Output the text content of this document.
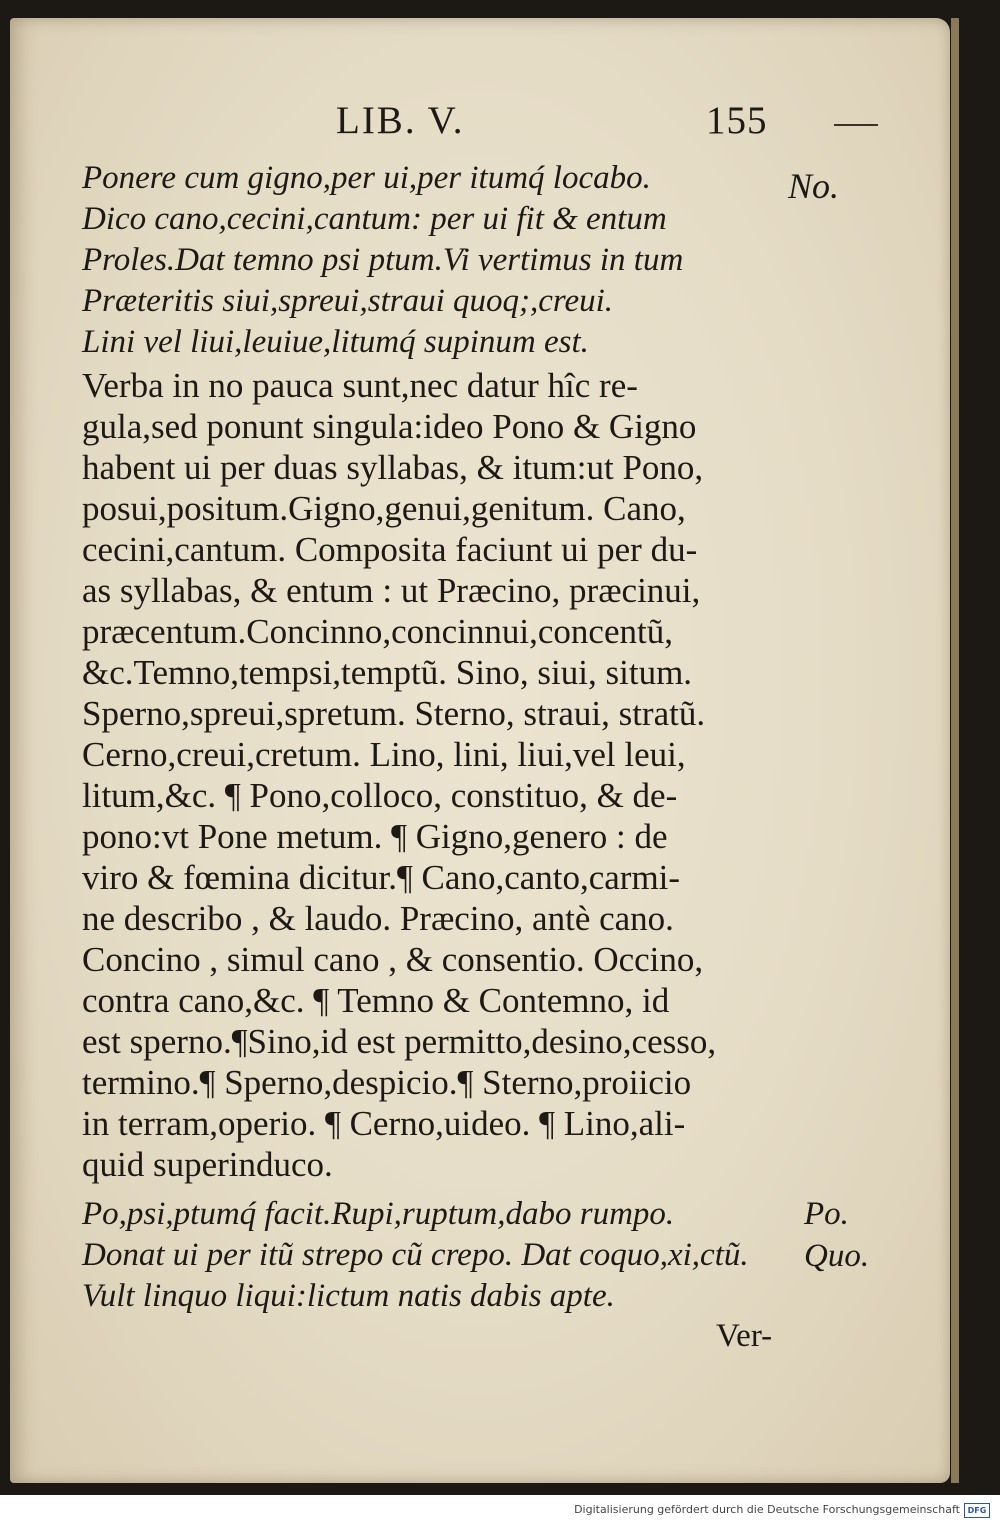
LIB. V.	155
Ponere cum gigno,per ui,per itumq́ locabo.
Dico cano,cecini,cantum: per ui fit & entum
Proles.Dat temno psi ptum.Vi vertimus in tum
Præteritis siui,spreui,straui quoq;,creui.
Lini vel liui,leuiue,litumq́ supinum est.
No.
Verba in no pauca sunt,nec datur hîc re-
gula,sed ponunt singula:ideo Pono & Gigno
habent ui per duas syllabas, & itum:ut Pono,
posui,positum.Gigno,genui,genitum. Cano,
cecini,cantum. Composita faciunt ui per du-
as syllabas, & entum : ut Præcino, præcinui,
præcentum.Concinno,concinnui,concentũ,
&c.Temno,tempsi,temptũ. Sino, siui, situm.
Sperno,spreui,spretum. Sterno, straui, stratũ.
Cerno,creui,cretum. Lino, lini, liui,vel leui,
litum,&c. ¶ Pono,colloco, constituo, & de-
pono:vt Pone metum. ¶ Gigno,genero : de
viro & fœmina dicitur.¶ Cano,canto,carmi-
ne describo , & laudo. Præcino, antè cano.
Concino , simul cano , & consentio. Occino,
contra cano,&c. ¶ Temno & Contemno, id
est sperno.¶Sino,id est permitto,desino,cesso,
termino.¶ Sperno,despicio.¶ Sterno,proiicio
in terram,operio. ¶ Cerno,uideo. ¶ Lino,ali-
quid superinduco.
Po,psi,ptumq́ facit.Rupi,ruptum,dabo rumpo.
Donat ui per itũ strepo cũ crepo. Dat coquo,xi,ctũ.
Vult linquo liqui:lictum natis dabis apte.
Po.
Quo.
Ver-
Digitalisierung gefördert durch die Deutsche Forschungsgemeinschaft DFG
